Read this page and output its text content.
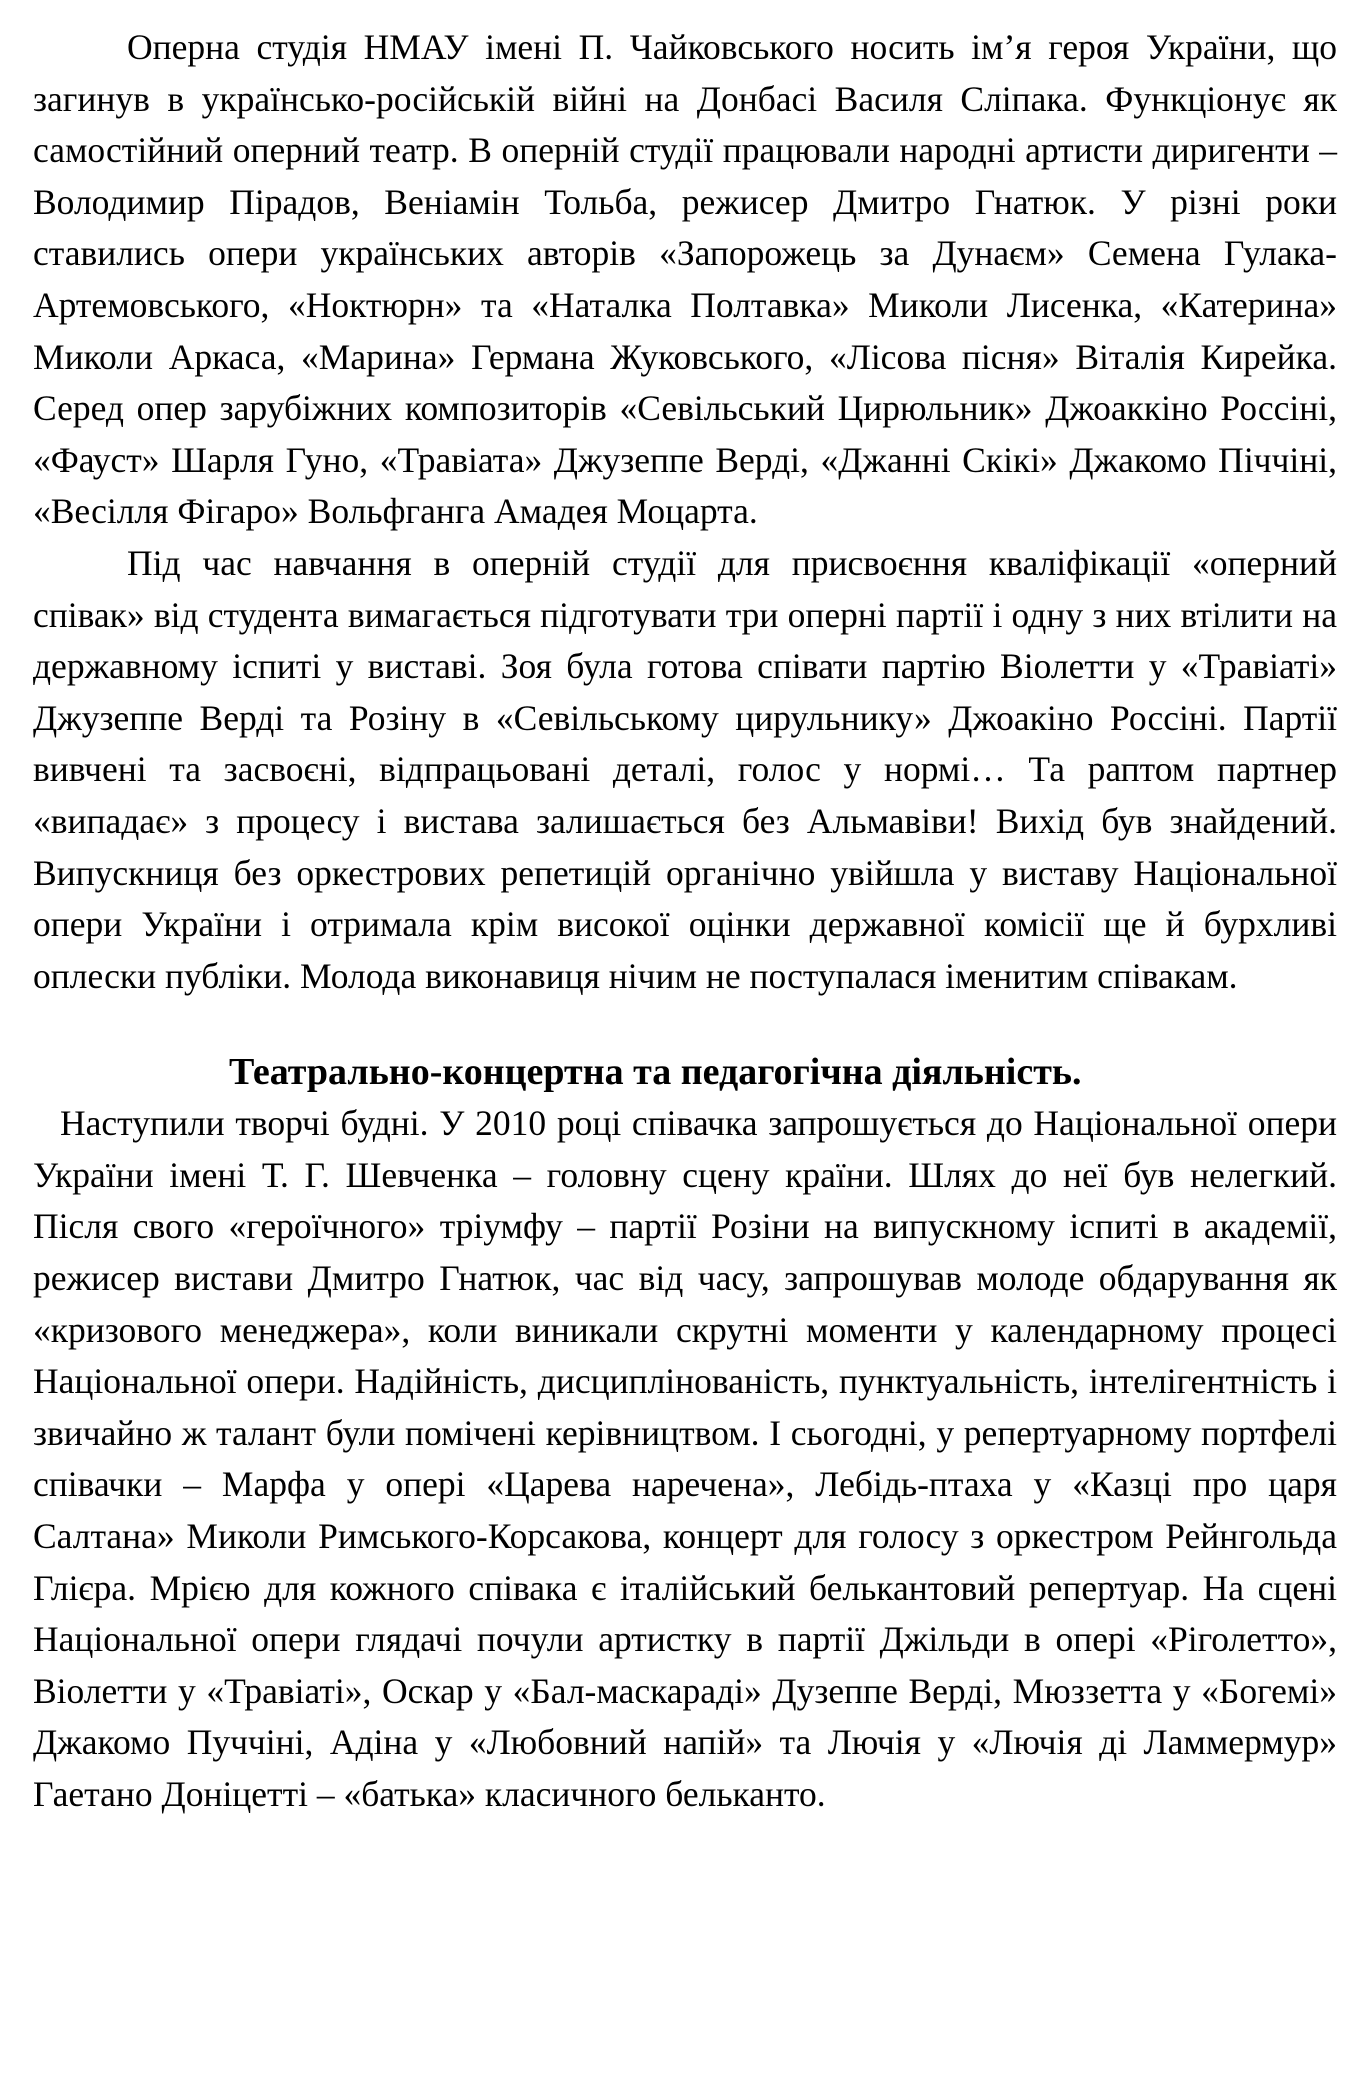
Оперна студія НМАУ імені П. Чайковського носить ім’я героя України, що загинув в українсько-російській війні на Донбасі Василя Сліпака. Функціонує як самостійний оперний театр. В оперній студії працювали народні артисти диригенти – Володимир Пірадов, Веніамін Тольба, режисер Дмитро Гнатюк. У різні роки ставились опери українських авторів «Запорожець за Дунаєм» Семена Гулака-Артемовського, «Ноктюрн» та «Наталка Полтавка» Миколи Лисенка, «Катерина» Миколи Аркаса, «Марина» Германа Жуковського, «Лісова пісня» Віталія Кирейка. Серед опер зарубіжних композиторів «Севільський Цирюльник» Джоаккіно Россіні, «Фауст» Шарля Гуно, «Травіата» Джузеппе Верді, «Джанні Скікі» Джакомо Піччіні, «Весілля Фігаро» Вольфганга Амадея Моцарта.

Під час навчання в оперній студії для присвоєння кваліфікації «оперний співак» від студента вимагається підготувати три оперні партії і одну з них втілити на державному іспиті у виставі. Зоя була готова співати партію Віолетти у «Травіаті» Джузеппе Верді та Розіну в «Севільському цирульнику» Джоакіно Россіні. Партії вивчені та засвоєні, відпрацьовані деталі, голос у нормі… Та раптом партнер «випадає» з процесу і вистава залишається без Альмавіви! Вихід був знайдений. Випускниця без оркестрових репетицій органічно увійшла у виставу Національної опери України і отримала крім високої оцінки державної комісії ще й бурхливі оплески публіки. Молода виконавиця нічим не поступалася іменитим співакам.

Театрально-концертна та педагогічна діяльність.

Наступили творчі будні. У 2010 році співачка запрошується до Національної опери України імені Т. Г. Шевченка – головну сцену країни. Шлях до неї був нелегкий. Після свого «героїчного» тріумфу – партії Розіни на випускному іспиті в академії, режисер вистави Дмитро Гнатюк, час від часу, запрошував молоде обдарування як «кризового менеджера», коли виникали скрутні моменти у календарному процесі Національної опери. Надійність, дисциплінованість, пунктуальність, інтелігентність і звичайно ж талант були помічені керівництвом. І сьогодні, у репертуарному портфелі співачки – Марфа у опері «Царева наречена», Лебідь-птаха у «Казці про царя Салтана» Миколи Римського-Корсакова, концерт для голосу з оркестром Рейнгольда Глієра. Мрією для кожного співака є італійський белькантовий репертуар. На сцені Національної опери глядачі почули артистку в партії Джільди в опері «Ріголетто», Віолетти у «Травіаті», Оскар у «Бал-маскараді» Дузеппе Верді, Мюззетта у «Богемі» Джакомо Пуччіні, Адіна у «Любовний напій» та Лючія у «Лючія ді Ламмермур» Гаетано Доніцетті – «батька» класичного бельканто.
